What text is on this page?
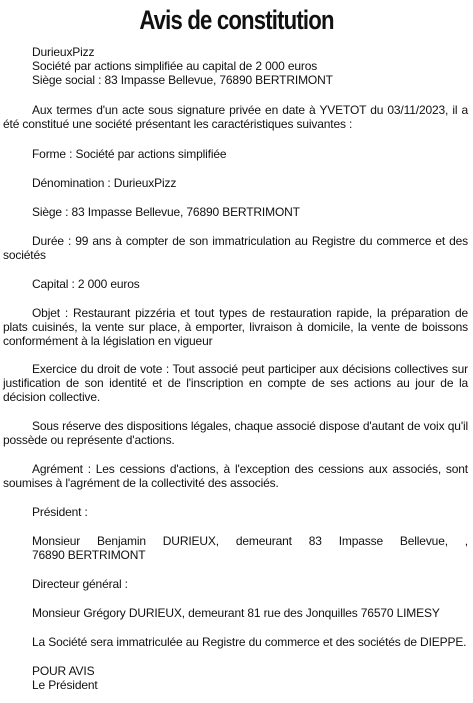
Avis de constitution

DurieuxPizz

Société par actions simplifiée au capital de 2 000 euros

Siège social : 83 Impasse Bellevue, 76890 BERTRIMONT

Aux termes d'un acte sous signature privée en date à YVETOT du 03/11/2023, il a été constitué une société présentant les caractéristiques suivantes :

Forme : Société par actions simplifiée

Dénomination : DurieuxPizz

Siège : 83 Impasse Bellevue, 76890 BERTRIMONT

Durée : 99 ans à compter de son immatriculation au Registre du commerce et des sociétés

Capital : 2 000 euros

Objet : Restaurant pizzéria et tout types de restauration rapide, la préparation de plats cuisinés, la vente sur place, à emporter, livraison à domicile, la vente de boissons conformément à la législation en vigueur

Exercice du droit de vote : Tout associé peut participer aux décisions collectives sur justification de son identité et de l'inscription en compte de ses actions au jour de la décision collective.

Sous réserve des dispositions légales, chaque associé dispose d'autant de voix qu'il possède ou représente d'actions.

Agrément : Les cessions d'actions, à l'exception des cessions aux associés, sont soumises à l'agrément de la collectivité des associés.

Président :

Monsieur Benjamin DURIEUX, demeurant 83 Impasse Bellevue, ,

76890 BERTRIMONT

Directeur général :

Monsieur Grégory DURIEUX, demeurant 81 rue des Jonquilles 76570 LIMESY

La Société sera immatriculée au Registre du commerce et des sociétés de DIEPPE.

POUR AVIS

Le Président
